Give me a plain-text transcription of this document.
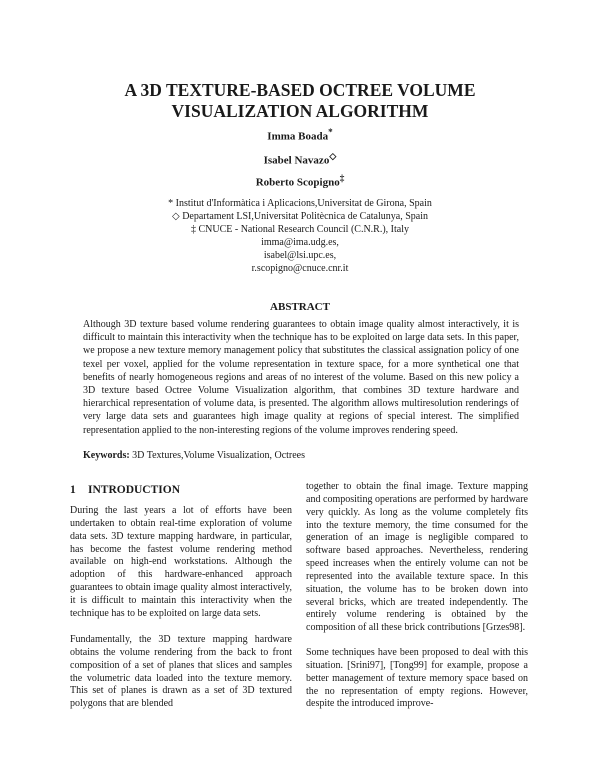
A 3D TEXTURE-BASED OCTREE VOLUME
VISUALIZATION ALGORITHM
Imma Boada*
Isabel Navazo◇
Roberto Scopigno‡
* Institut d'Informàtica i Aplicacions,Universitat de Girona, Spain
◇ Departament LSI,Universitat Politècnica de Catalunya, Spain
‡ CNUCE - National Research Council (C.N.R.), Italy
imma@ima.udg.es,
isabel@lsi.upc.es,
r.scopigno@cnuce.cnr.it
ABSTRACT

Although 3D texture based volume rendering guarantees to obtain image quality almost interactively, it is difficult to maintain this interactivity when the technique has to be exploited on large data sets. In this paper, we propose a new texture memory management policy that substitutes the classical assignation policy of one texel per voxel, applied for the volume representation in texture space, for a more synthetical one that benefits of nearly homogeneous regions and areas of no interest of the volume. Based on this new policy a 3D texture based Octree Volume Visualization algorithm, that combines 3D texture hardware and hierarchical representation of volume data, is presented. The algorithm allows multiresolution renderings of very large data sets and guarantees high image quality at regions of special interest. The simplified representation applied to the non-interesting regions of the volume improves rendering speed.

Keywords: 3D Textures,Volume Visualization, Octrees

1 INTRODUCTION

During the last years a lot of efforts have been undertaken to obtain real-time exploration of volume data sets. 3D texture mapping hardware, in particular, has become the fastest volume rendering method available on high-end workstations. Although the adoption of this hardware-enhanced approach guarantees to obtain image quality almost interactively, it is difficult to maintain this interactivity when the technique has to be exploited on large data sets.

Fundamentally, the 3D texture mapping hardware obtains the volume rendering from the back to front composition of a set of planes that slices and samples the volumetric data loaded into the texture memory. This set of planes is drawn as a set of 3D textured polygons that are blended

together to obtain the final image. Texture mapping and compositing operations are performed by hardware very quickly. As long as the volume completely fits into the texture memory, the time consumed for the generation of an image is negligible compared to software based approaches. Nevertheless, rendering speed increases when the entirely volume can not be represented into the available texture space. In this situation, the volume has to be broken down into several bricks, which are treated independently. The entirely volume rendering is obtained by the composition of all these brick contributions [Grzes98].

Some techniques have been proposed to deal with this situation. [Srini97], [Tong99] for example, propose a better management of texture memory space based on the no representation of empty regions. However, despite the introduced improve-
